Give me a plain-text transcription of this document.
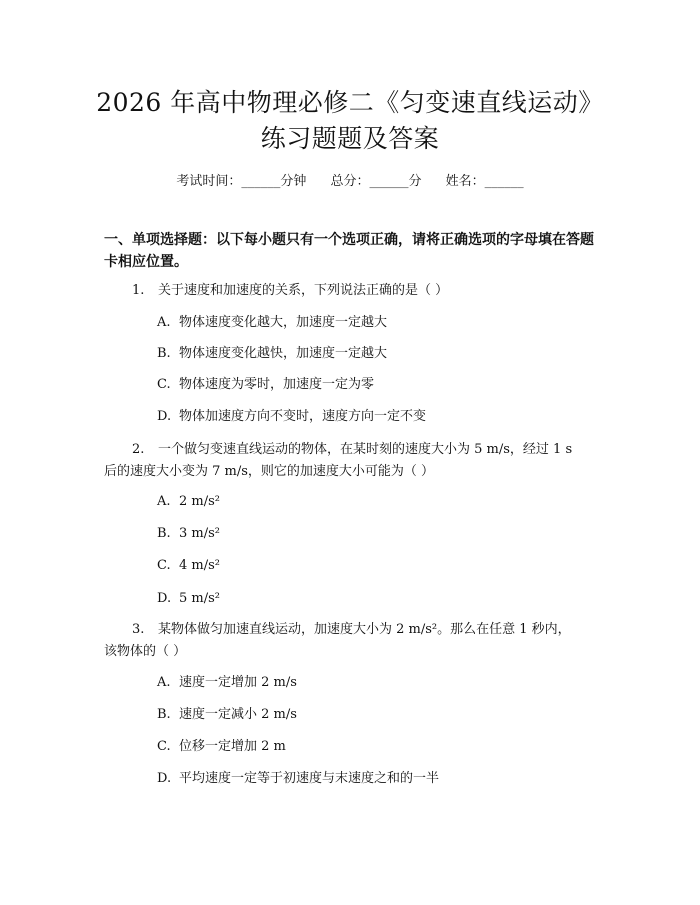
2026 年高中物理必修二《匀变速直线运动》
练习题题及答案
考试时间：______分钟 总分：______分 姓名：______
一、单项选择题：以下每小题只有一个选项正确，请将正确选项的字母填在答题
卡相应位置。
1. 关于速度和加速度的关系，下列说法正确的是（ ）
A. 物体速度变化越大，加速度一定越大
B. 物体速度变化越快，加速度一定越大
C. 物体速度为零时，加速度一定为零
D. 物体加速度方向不变时，速度方向一定不变
2. 一个做匀变速直线运动的物体，在某时刻的速度大小为 5 m/s，经过 1 s
后的速度大小变为 7 m/s，则它的加速度大小可能为（ ）
A. 2 m/s²
B. 3 m/s²
C. 4 m/s²
D. 5 m/s²
3. 某物体做匀加速直线运动，加速度大小为 2 m/s²。那么在任意 1 秒内，
该物体的（ ）
A. 速度一定增加 2 m/s
B. 速度一定减小 2 m/s
C. 位移一定增加 2 m
D. 平均速度一定等于初速度与末速度之和的一半
